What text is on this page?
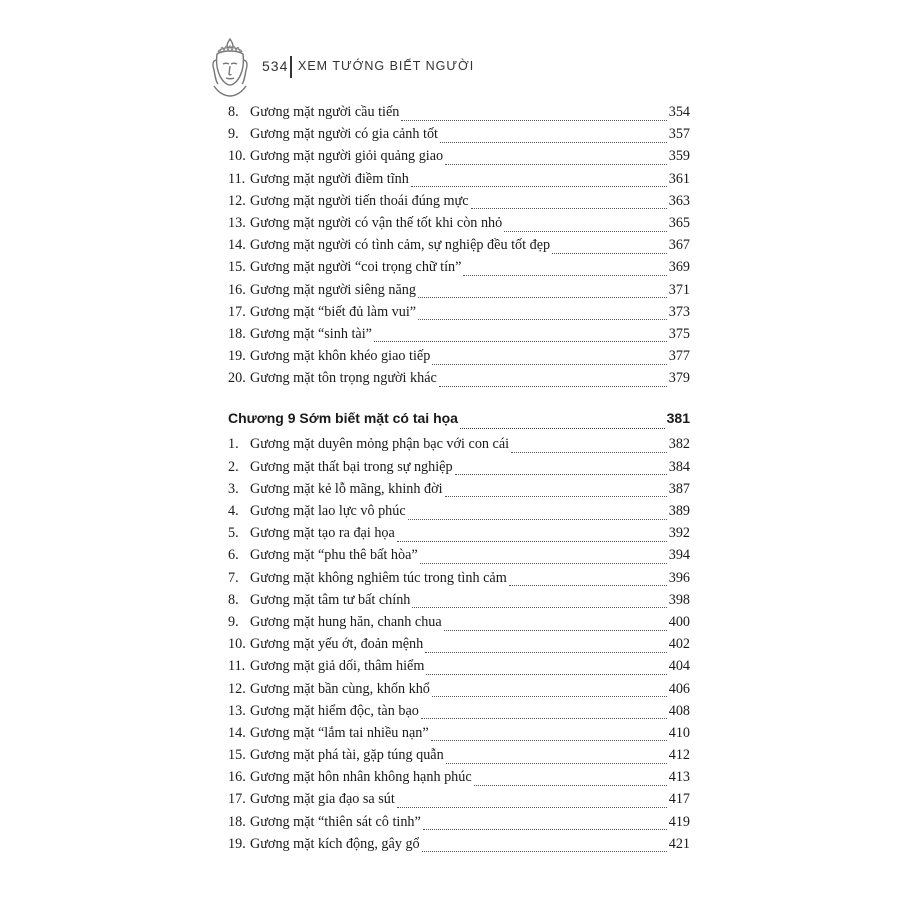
534 XEM TƯỚNG BIẾT NGƯỜI
8. Gương mặt người cầu tiến	354
9. Gương mặt người có gia cảnh tốt	357
10. Gương mặt người giỏi quảng giao	359
11. Gương mặt người điềm tĩnh	361
12. Gương mặt người tiến thoái đúng mực	363
13. Gương mặt người có vận thế tốt khi còn nhỏ	365
14. Gương mặt người có tình cảm, sự nghiệp đều tốt đẹp	367
15. Gương mặt người “coi trọng chữ tín”	369
16. Gương mặt người siêng năng	371
17. Gương mặt “biết đủ làm vui”	373
18. Gương mặt “sinh tài”	375
19. Gương mặt khôn khéo giao tiếp	377
20. Gương mặt tôn trọng người khác	379
Chương 9 Sớm biết mặt có tai họa	381
1. Gương mặt duyên mỏng phận bạc với con cái	382
2. Gương mặt thất bại trong sự nghiệp	384
3. Gương mặt kẻ lỗ mãng, khinh đời	387
4. Gương mặt lao lực vô phúc	389
5. Gương mặt tạo ra đại họa	392
6. Gương mặt “phu thê bất hòa”	394
7. Gương mặt không nghiêm túc trong tình cảm	396
8. Gương mặt tâm tư bất chính	398
9. Gương mặt hung hăn, chanh chua	400
10. Gương mặt yếu ớt, đoản mệnh	402
11. Gương mặt giả dối, thâm hiểm	404
12. Gương mặt bần cùng, khốn khổ	406
13. Gương mặt hiểm độc, tàn bạo	408
14. Gương mặt “lắm tai nhiều nạn”	410
15. Gương mặt phá tài, gặp túng quẫn	412
16. Gương mặt hôn nhân không hạnh phúc	413
17. Gương mặt gia đạo sa sút	417
18. Gương mặt “thiên sát cô tinh”	419
19. Gương mặt kích động, gây gổ	421
